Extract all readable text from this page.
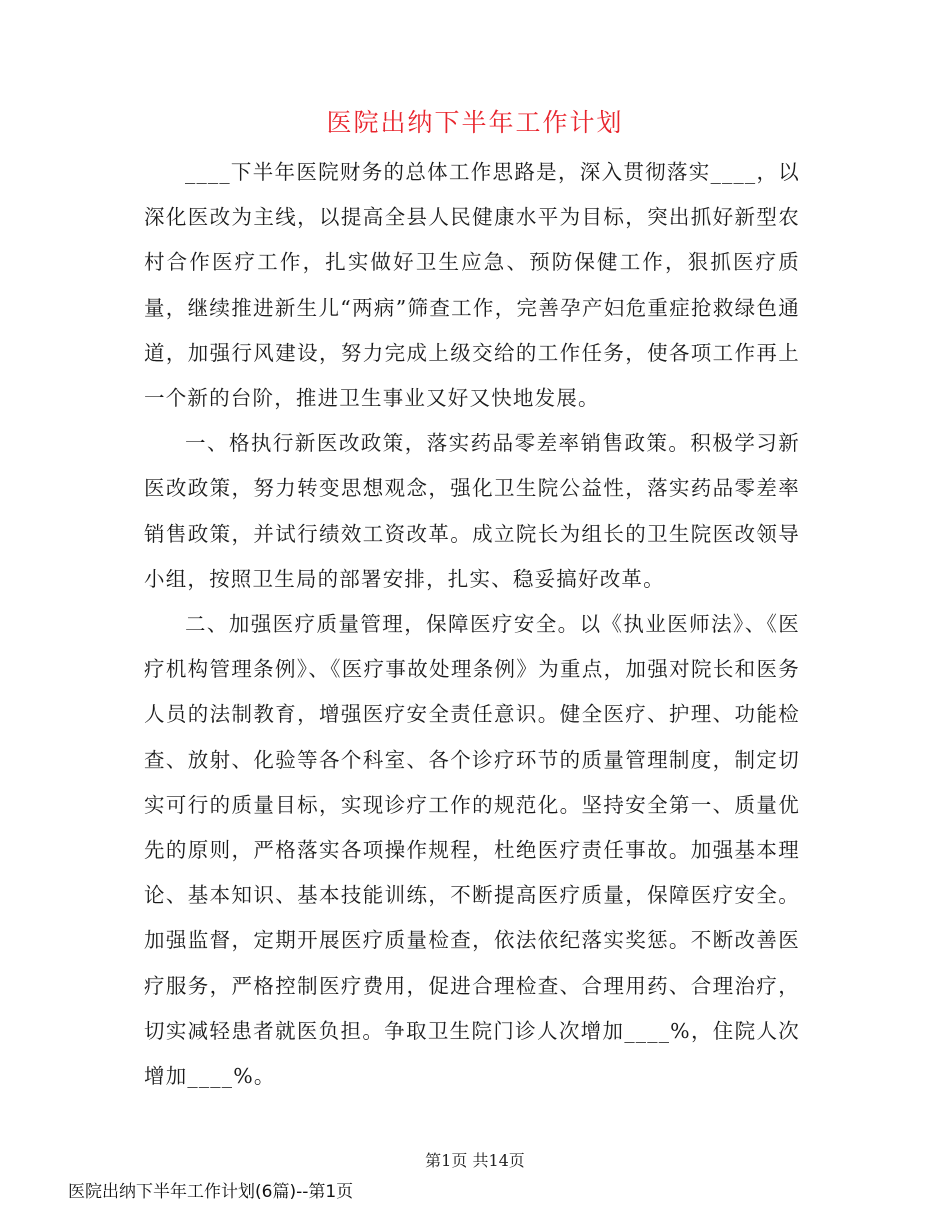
医院出纳下半年工作计划

____下半年医院财务的总体工作思路是，深入贯彻落实____，以深化医改为主线，以提高全县人民健康水平为目标，突出抓好新型农村合作医疗工作，扎实做好卫生应急、预防保健工作，狠抓医疗质量，继续推进新生儿“两病”筛查工作，完善孕产妇危重症抢救绿色通道，加强行风建设，努力完成上级交给的工作任务，使各项工作再上一个新的台阶，推进卫生事业又好又快地发展。

一、格执行新医改政策，落实药品零差率销售政策。积极学习新医改政策，努力转变思想观念，强化卫生院公益性，落实药品零差率销售政策，并试行绩效工资改革。成立院长为组长的卫生院医改领导小组，按照卫生局的部署安排，扎实、稳妥搞好改革。

二、加强医疗质量管理，保障医疗安全。以《执业医师法》、《医疗机构管理条例》、《医疗事故处理条例》为重点，加强对院长和医务人员的法制教育，增强医疗安全责任意识。健全医疗、护理、功能检查、放射、化验等各个科室、各个诊疗环节的质量管理制度，制定切实可行的质量目标，实现诊疗工作的规范化。坚持安全第一、质量优先的原则，严格落实各项操作规程，杜绝医疗责任事故。加强基本理论、基本知识、基本技能训练，不断提高医疗质量，保障医疗安全。加强监督，定期开展医疗质量检查，依法依纪落实奖惩。不断改善医疗服务，严格控制医疗费用，促进合理检查、合理用药、合理治疗，切实减轻患者就医负担。争取卫生院门诊人次增加____%，住院人次增加____%。

第1页 共14页
医院出纳下半年工作计划(6篇)--第1页
